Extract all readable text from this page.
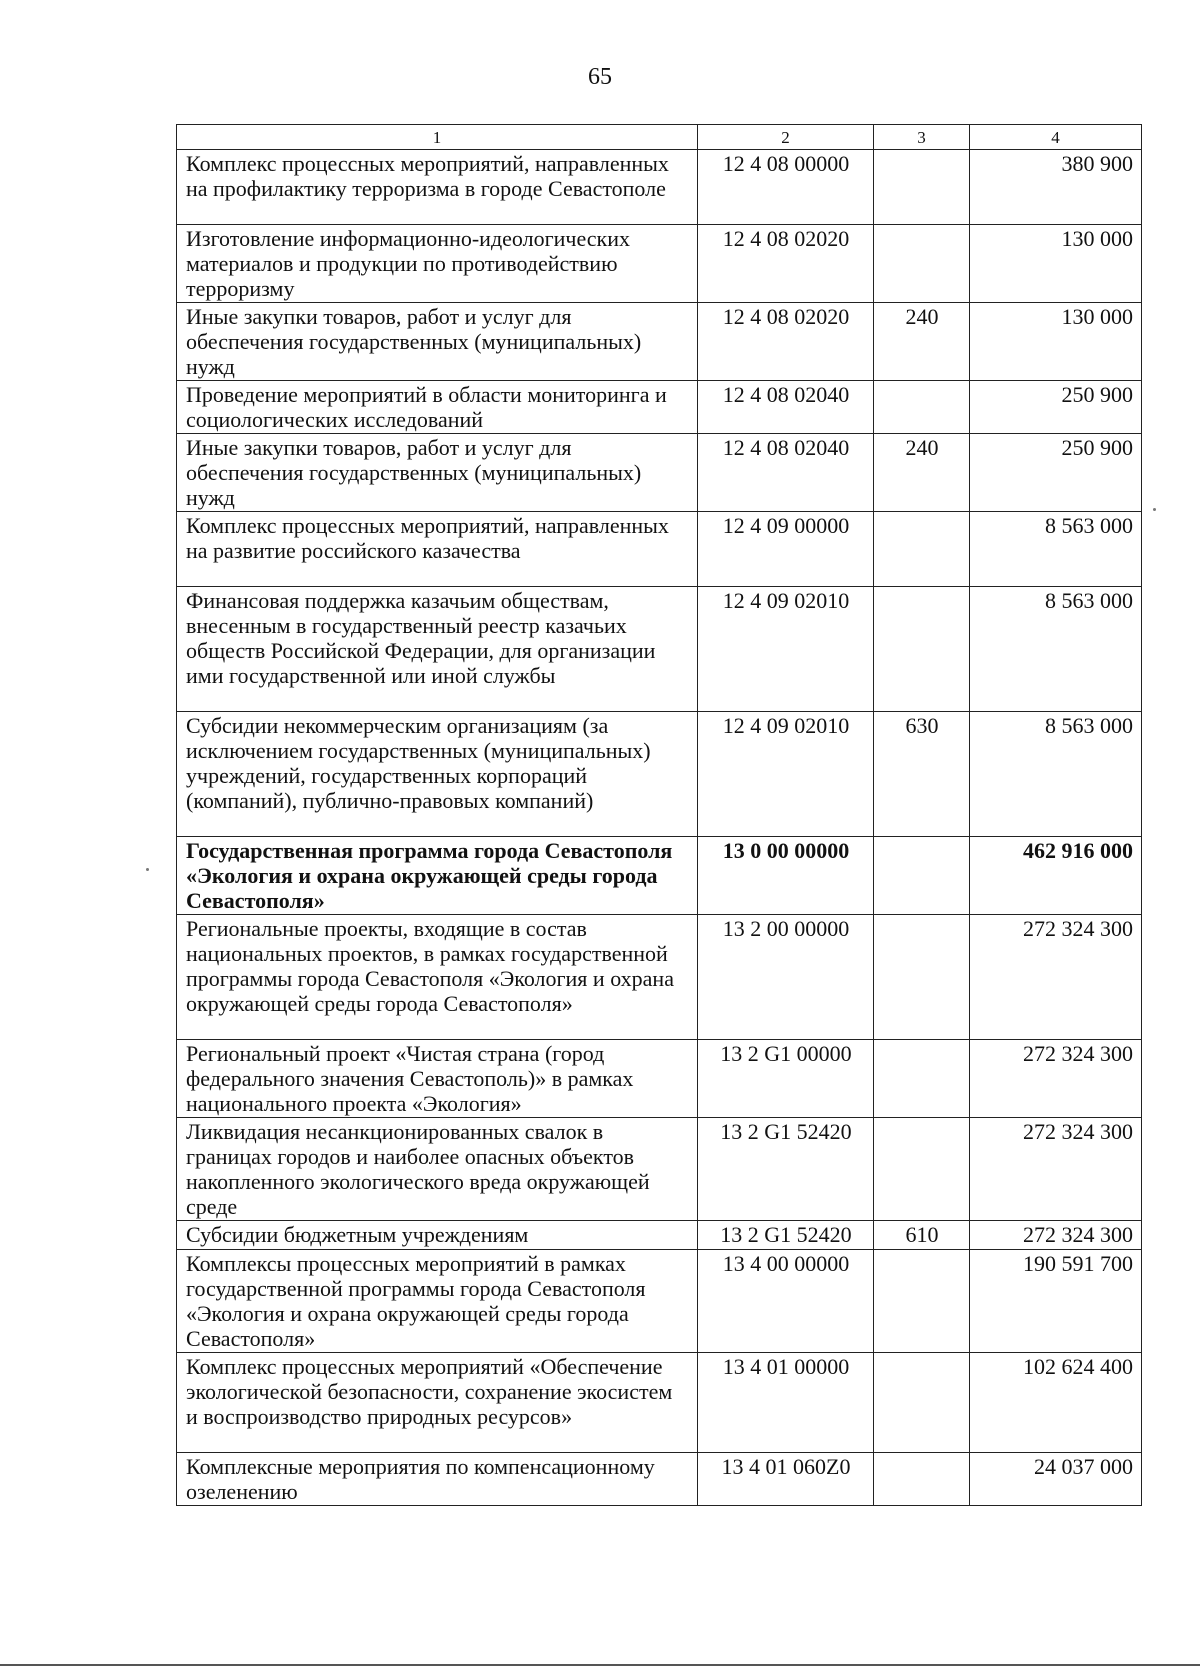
65
1	2	3	4
Комплекс процессных мероприятий, направленных на профилактику терроризма в городе Севастополе	12 4 08 00000		380 900
Изготовление информационно-идеологических материалов и продукции по противодействию терроризму	12 4 08 02020		130 000
Иные закупки товаров, работ и услуг для обеспечения государственных (муниципальных) нужд	12 4 08 02020	240	130 000
Проведение мероприятий в области мониторинга и социологических исследований	12 4 08 02040		250 900
Иные закупки товаров, работ и услуг для обеспечения государственных (муниципальных) нужд	12 4 08 02040	240	250 900
Комплекс процессных мероприятий, направленных на развитие российского казачества	12 4 09 00000		8 563 000
Финансовая поддержка казачьим обществам, внесенным в государственный реестр казачьих обществ Российской Федерации, для организации ими государственной или иной службы	12 4 09 02010		8 563 000
Субсидии некоммерческим организациям (за исключением государственных (муниципальных) учреждений, государственных корпораций (компаний), публично-правовых компаний)	12 4 09 02010	630	8 563 000
Государственная программа города Севастополя «Экология и охрана окружающей среды города Севастополя»	13 0 00 00000		462 916 000
Региональные проекты, входящие в состав национальных проектов, в рамках государственной программы города Севастополя «Экология и охрана окружающей среды города Севастополя»	13 2 00 00000		272 324 300
Региональный проект «Чистая страна (город федерального значения Севастополь)» в рамках национального проекта «Экология»	13 2 G1 00000		272 324 300
Ликвидация несанкционированных свалок в границах городов и наиболее опасных объектов накопленного экологического вреда окружающей среде	13 2 G1 52420		272 324 300
Субсидии бюджетным учреждениям	13 2 G1 52420	610	272 324 300
Комплексы процессных мероприятий в рамках государственной программы города Севастополя «Экология и охрана окружающей среды города Севастополя»	13 4 00 00000		190 591 700
Комплекс процессных мероприятий «Обеспечение экологической безопасности, сохранение экосистем и воспроизводство природных ресурсов»	13 4 01 00000		102 624 400
Комплексные мероприятия по компенсационному озеленению	13 4 01 060Z0		24 037 000
